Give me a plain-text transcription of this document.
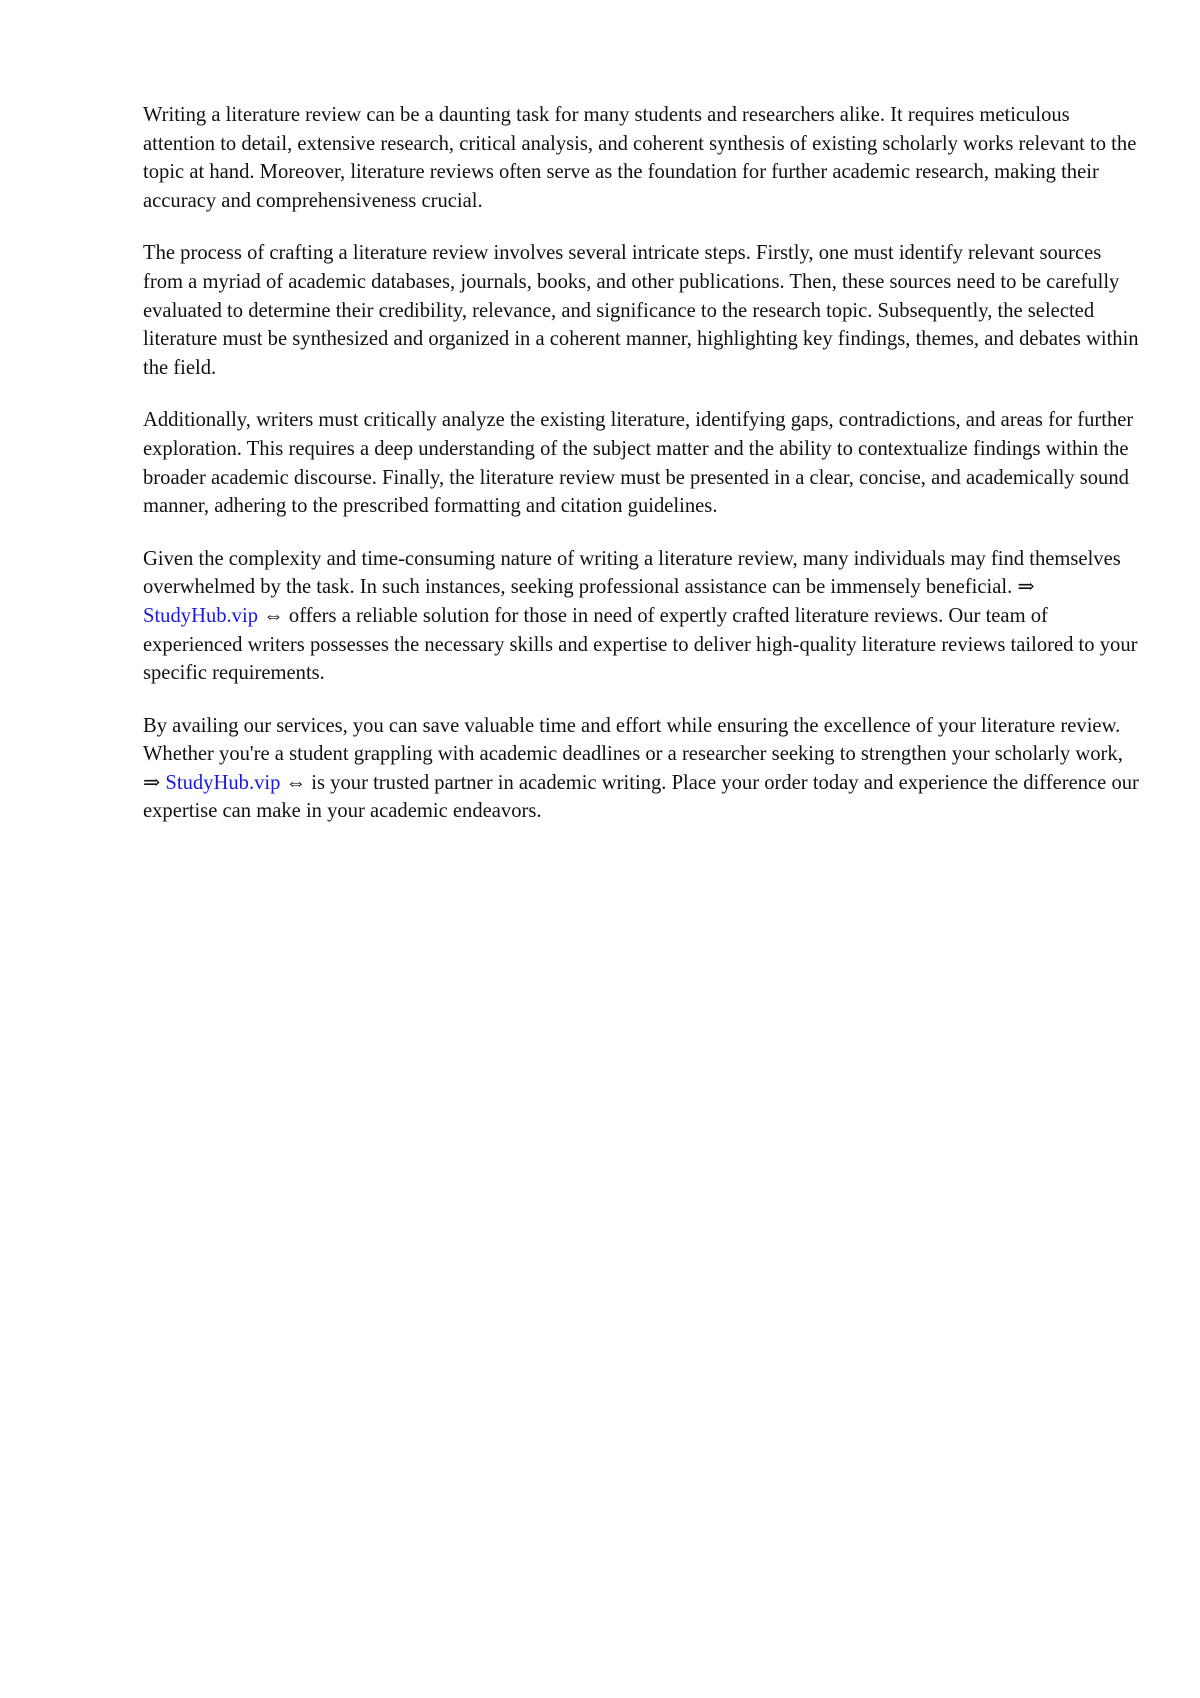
Writing a literature review can be a daunting task for many students and researchers alike. It requires meticulous attention to detail, extensive research, critical analysis, and coherent synthesis of existing scholarly works relevant to the topic at hand. Moreover, literature reviews often serve as the foundation for further academic research, making their accuracy and comprehensiveness crucial.

The process of crafting a literature review involves several intricate steps. Firstly, one must identify relevant sources from a myriad of academic databases, journals, books, and other publications. Then, these sources need to be carefully evaluated to determine their credibility, relevance, and significance to the research topic. Subsequently, the selected literature must be synthesized and organized in a coherent manner, highlighting key findings, themes, and debates within the field.

Additionally, writers must critically analyze the existing literature, identifying gaps, contradictions, and areas for further exploration. This requires a deep understanding of the subject matter and the ability to contextualize findings within the broader academic discourse. Finally, the literature review must be presented in a clear, concise, and academically sound manner, adhering to the prescribed formatting and citation guidelines.

Given the complexity and time-consuming nature of writing a literature review, many individuals may find themselves overwhelmed by the task. In such instances, seeking professional assistance can be immensely beneficial. ⇒ StudyHub.vip ⇔ offers a reliable solution for those in need of expertly crafted literature reviews. Our team of experienced writers possesses the necessary skills and expertise to deliver high-quality literature reviews tailored to your specific requirements.

By availing our services, you can save valuable time and effort while ensuring the excellence of your literature review. Whether you're a student grappling with academic deadlines or a researcher seeking to strengthen your scholarly work, ⇒ StudyHub.vip ⇔ is your trusted partner in academic writing. Place your order today and experience the difference our expertise can make in your academic endeavors.
